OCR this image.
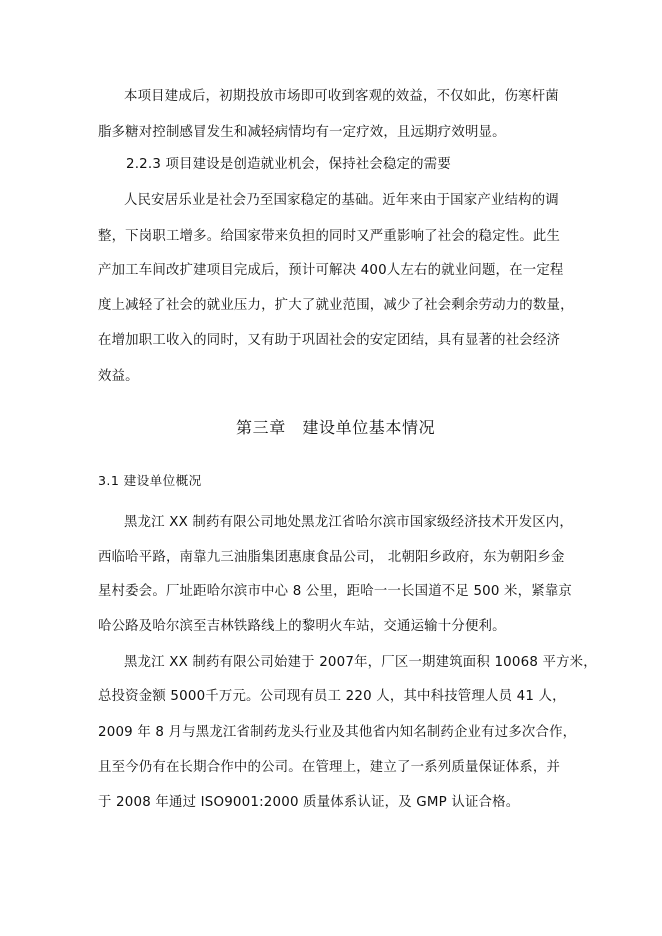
本项目建成后，初期投放市场即可收到客观的效益，不仅如此，伤寒杆菌
脂多糖对控制感冒发生和减轻病情均有一定疗效，且远期疗效明显。
2.2.3 项目建设是创造就业机会，保持社会稳定的需要
人民安居乐业是社会乃至国家稳定的基础。近年来由于国家产业结构的调
整，下岗职工增多。给国家带来负担的同时又严重影响了社会的稳定性。此生
产加工车间改扩建项目完成后，预计可解决 400人左右的就业问题，在一定程
度上减轻了社会的就业压力，扩大了就业范围，减少了社会剩余劳动力的数量，
在增加职工收入的同时，又有助于巩固社会的安定团结，具有显著的社会经济
效益。
第三章　建设单位基本情况
3.1 建设单位概况
黑龙江 XX 制药有限公司地处黑龙江省哈尔滨市国家级经济技术开发区内，
西临哈平路，南靠九三油脂集团惠康食品公司， 北朝阳乡政府，东为朝阳乡金
星村委会。厂址距哈尔滨市中心 8 公里，距哈一一长国道不足 500 米，紧靠京
哈公路及哈尔滨至吉林铁路线上的黎明火车站，交通运输十分便利。
黑龙江 XX 制药有限公司始建于 2007年，厂区一期建筑面积 10068 平方米，
总投资金额 5000千万元。公司现有员工 220 人，其中科技管理人员 41 人，
2009 年 8 月与黑龙江省制药龙头行业及其他省内知名制药企业有过多次合作，
且至今仍有在长期合作中的公司。在管理上，建立了一系列质量保证体系，并
于 2008 年通过 ISO9001:2000 质量体系认证，及 GMP 认证合格。
